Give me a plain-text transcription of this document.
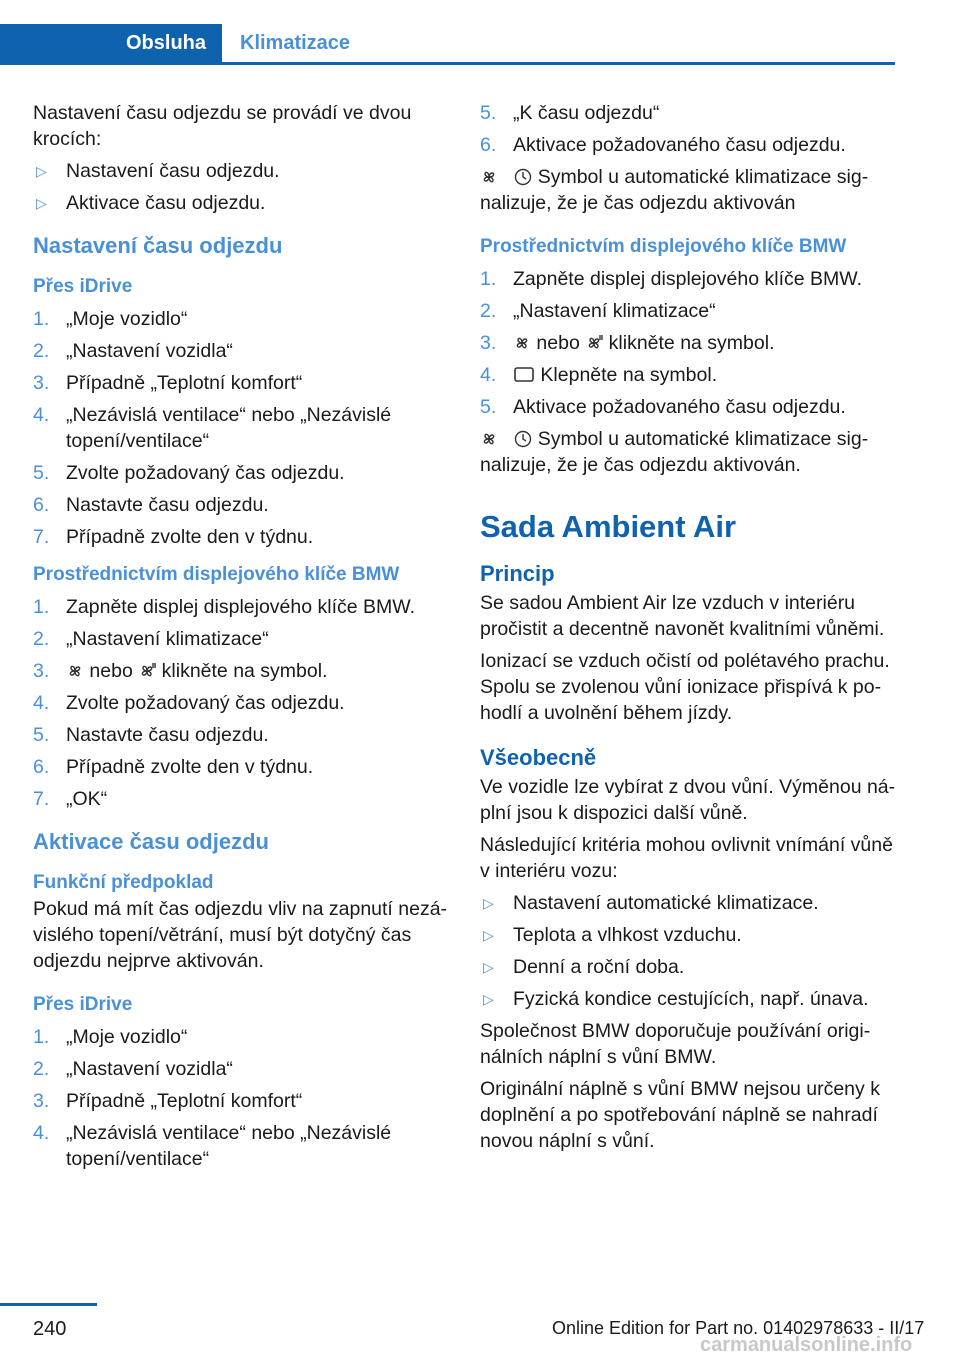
Obsluha Klimatizace

Nastavení času odjezdu se provádí ve dvou krocích:

▷ Nastavení času odjezdu.
▷ Aktivace času odjezdu.
Nastavení času odjezdu
Přes iDrive
1. „Moje vozidlo“
2. „Nastavení vozidla“
3. Případně „Teplotní komfort“
4. „Nezávislá ventilace“ nebo „Nezávislé topení/ventilace“
5. Zvolte požadovaný čas odjezdu.
6. Nastavte času odjezdu.
7. Případně zvolte den v týdnu.
Prostřednictvím displejového klíče BMW
1. Zapněte displej displejového klíče BMW.
2. „Nastavení klimatizace“
3. nebo klikněte na symbol.
4. Zvolte požadovaný čas odjezdu.
5. Nastavte času odjezdu.
6. Případně zvolte den v týdnu.
7. „OK“
Aktivace času odjezdu
Funkční předpoklad

Pokud má mít čas odjezdu vliv na zapnutí nezá‐vislého topení/větrání, musí být dotyčný čas odjezdu nejprve aktivován.

Přes iDrive
1. „Moje vozidlo“
2. „Nastavení vozidla“
3. Případně „Teplotní komfort“
4. „Nezávislá ventilace“ nebo „Nezávislé topení/ventilace“
5. „K času odjezdu“
6. Aktivace požadovaného času odjezdu.

Symbol u automatické klimatizace sig‐nalizuje, že je čas odjezdu aktivován

Prostřednictvím displejového klíče BMW
1. Zapněte displej displejového klíče BMW.
2. „Nastavení klimatizace“
3. nebo klikněte na symbol.
4. Klepněte na symbol.
5. Aktivace požadovaného času odjezdu.

Symbol u automatické klimatizace sig‐nalizuje, že je čas odjezdu aktivován.

Sada Ambient Air
Princip

Se sadou Ambient Air lze vzduch v interiéru pročistit a decentně navonět kvalitními vůněmi.

Ionizací se vzduch očistí od polétavého prachu. Spolu se zvolenou vůní ionizace přispívá k po‐hodlí a uvolnění během jízdy.

Všeobecně

Ve vozidle lze vybírat z dvou vůní. Výměnou ná‐plní jsou k dispozici další vůně.

Následující kritéria mohou ovlivnit vnímání vůně v interiéru vozu:

▷ Nastavení automatické klimatizace.
▷ Teplota a vlhkost vzduchu.
▷ Denní a roční doba.
▷ Fyzická kondice cestujících, např. únava.

Společnost BMW doporučuje používání origi‐nálních náplní s vůní BMW.

Originální náplně s vůní BMW nejsou určeny k doplnění a po spotřebování náplně se nahradí novou náplní s vůní.

240	Online Edition for Part no. 01402978633 - II/17
carmanualsonline.info
